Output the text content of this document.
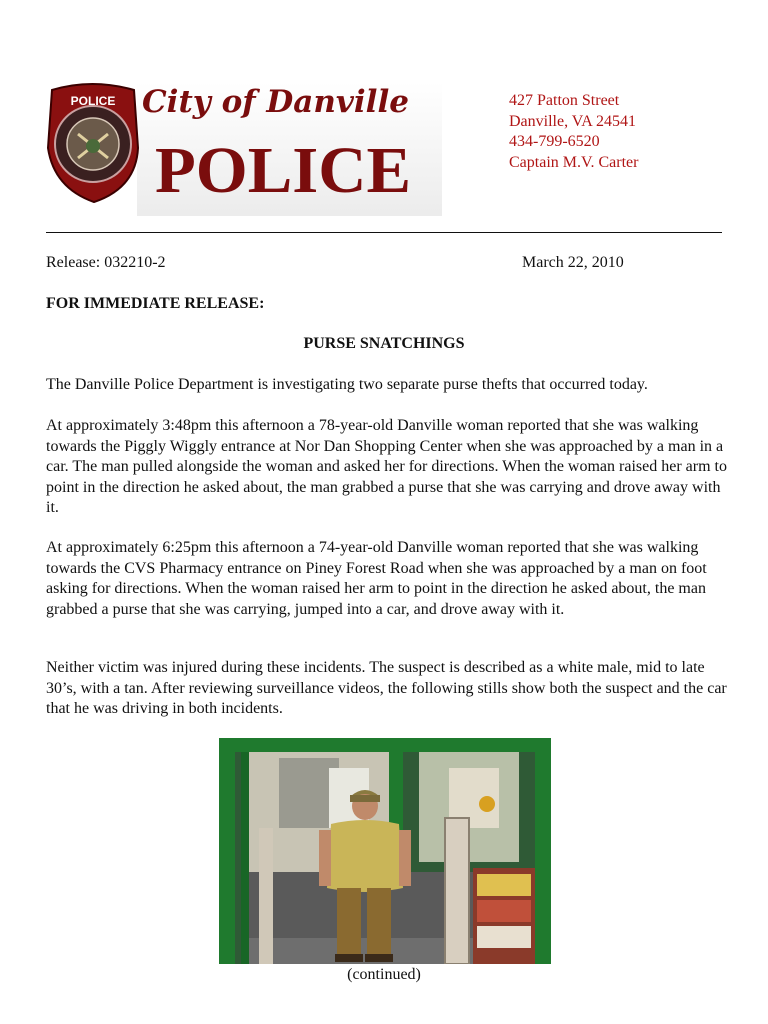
POLICE City of Danville
POLICE
427 Patton Street
Danville, VA 24541
434-799-6520
Captain M.V. Carter
Release: 032210-2	March 22, 2010
FOR IMMEDIATE RELEASE:
PURSE SNATCHINGS

The Danville Police Department is investigating two separate purse thefts that occurred today.

At approximately 3:48pm this afternoon a 78-year-old Danville woman reported that she was walking towards the Piggly Wiggly entrance at Nor Dan Shopping Center when she was approached by a man in a car. The man pulled alongside the woman and asked her for directions. When the woman raised her arm to point in the direction he asked about, the man grabbed a purse that she was carrying and drove away with it.

At approximately 6:25pm this afternoon a 74-year-old Danville woman reported that she was walking towards the CVS Pharmacy entrance on Piney Forest Road when she was approached by a man on foot asking for directions. When the woman raised her arm to point in the direction he asked about, the man grabbed a purse that she was carrying, jumped into a car, and drove away with it.

Neither victim was injured during these incidents. The suspect is described as a white male, mid to late 30’s, with a tan. After reviewing surveillance videos, the following stills show both the suspect and the car that he was driving in both incidents.

(continued)
